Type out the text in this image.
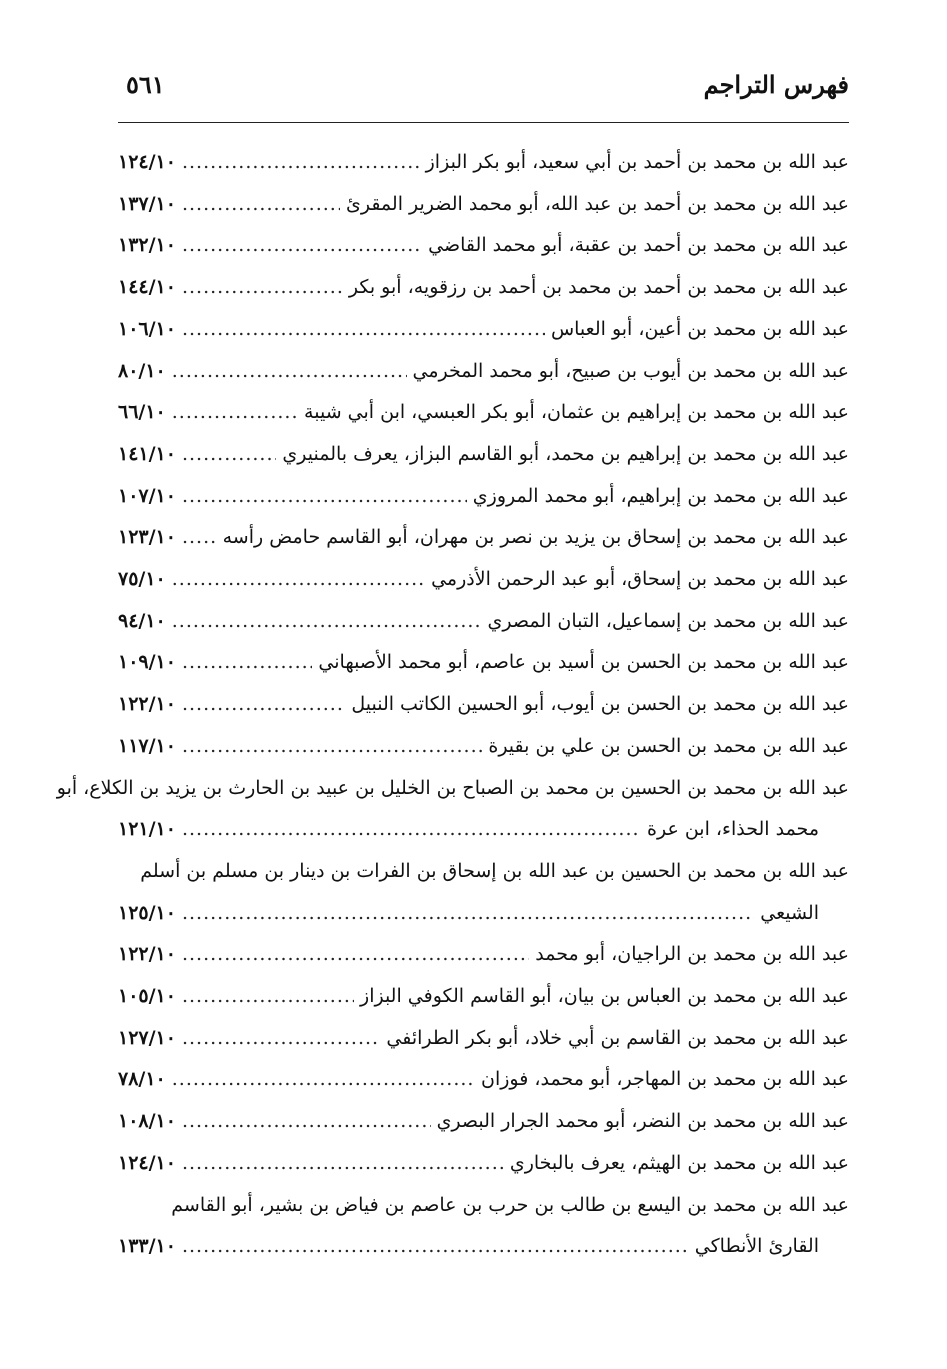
فهرس التراجم
٥٦١
عبد الله بن محمد بن أحمد بن أبي سعيد، أبو بكر البزاز
.....
١٢٤/١٠
عبد الله بن محمد بن أحمد بن عبد الله، أبو محمد الضرير المقرئ
.....
١٣٧/١٠
عبد الله بن محمد بن أحمد بن عقبة، أبو محمد القاضي
.....
١٣٢/١٠
عبد الله بن محمد بن أحمد بن محمد بن أحمد بن رزقويه، أبو بكر
.....
١٤٤/١٠
عبد الله بن محمد بن أعين، أبو العباس
.....
١٠٦/١٠
عبد الله بن محمد بن أيوب بن صبيح، أبو محمد المخرمي
.....
٨٠/١٠
عبد الله بن محمد بن إبراهيم بن عثمان، أبو بكر العبسي، ابن أبي شيبة
.....
٦٦/١٠
عبد الله بن محمد بن إبراهيم بن محمد، أبو القاسم البزاز، يعرف بالمنيري
.....
١٤١/١٠
عبد الله بن محمد بن إبراهيم، أبو محمد المروزي
.....
١٠٧/١٠
عبد الله بن محمد بن إسحاق بن يزيد بن نصر بن مهران، أبو القاسم حامض رأسه
.....
١٢٣/١٠
عبد الله بن محمد بن إسحاق، أبو عبد الرحمن الأذرمي
.....
٧٥/١٠
عبد الله بن محمد بن إسماعيل، التبان المصري
.....
٩٤/١٠
عبد الله بن محمد بن الحسن بن أسيد بن عاصم، أبو محمد الأصبهاني
.....
١٠٩/١٠
عبد الله بن محمد بن الحسن بن أيوب، أبو الحسين الكاتب النبيل
.....
١٢٢/١٠
عبد الله بن محمد بن الحسن بن علي بن بقيرة
.....
١١٧/١٠
عبد الله بن محمد بن الحسين بن محمد بن الصباح بن الخليل بن عبيد بن الحارث بن يزيد بن الكلاع، أبو
محمد الحذاء، ابن عرة
.....
١٢١/١٠
عبد الله بن محمد بن الحسين بن عبد الله بن إسحاق بن الفرات بن دينار بن مسلم بن أسلم
الشيعي
.....
١٢٥/١٠
عبد الله بن محمد بن الراجيان، أبو محمد
.....
١٢٢/١٠
عبد الله بن محمد بن العباس بن بيان، أبو القاسم الكوفي البزاز
.....
١٠٥/١٠
عبد الله بن محمد بن القاسم بن أبي خلاد، أبو بكر الطرائفي
.....
١٢٧/١٠
عبد الله بن محمد بن المهاجر، أبو محمد، فوزان
.....
٧٨/١٠
عبد الله بن محمد بن النضر، أبو محمد الجرار البصري
.....
١٠٨/١٠
عبد الله بن محمد بن الهيثم، يعرف بالبخاري
.....
١٢٤/١٠
عبد الله بن محمد بن اليسع بن طالب بن حرب بن عاصم بن فياض بن بشير، أبو القاسم
القارئ الأنطاكي
.....
١٣٣/١٠
